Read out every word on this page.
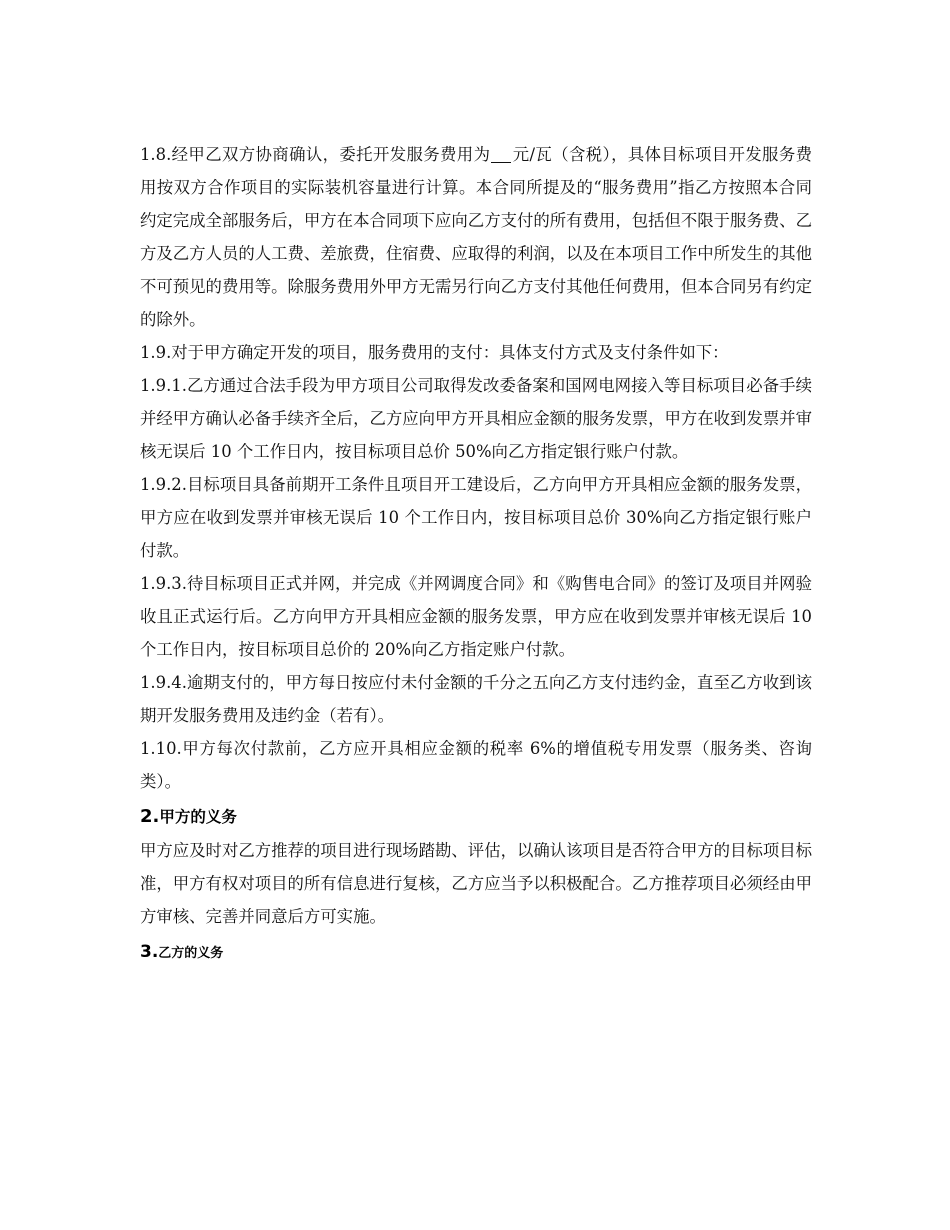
1.8.经甲乙双方协商确认，委托开发服务费用为 元/瓦（含税），具体目标项目开发服务费用按双方合作项目的实际装机容量进行计算。本合同所提及的“服务费用”指乙方按照本合同约定完成全部服务后，甲方在本合同项下应向乙方支付的所有费用，包括但不限于服务费、乙方及乙方人员的人工费、差旅费，住宿费、应取得的利润，以及在本项目工作中所发生的其他不可预见的费用等。除服务费用外甲方无需另行向乙方支付其他任何费用，但本合同另有约定的除外。

1.9.对于甲方确定开发的项目，服务费用的支付：具体支付方式及支付条件如下：

1.9.1.乙方通过合法手段为甲方项目公司取得发改委备案和国网电网接入等目标项目必备手续并经甲方确认必备手续齐全后，乙方应向甲方开具相应金额的服务发票，甲方在收到发票并审核无误后 10 个工作日内，按目标项目总价 50%向乙方指定银行账户付款。

1.9.2.目标项目具备前期开工条件且项目开工建设后，乙方向甲方开具相应金额的服务发票，甲方应在收到发票并审核无误后 10 个工作日内，按目标项目总价 30%向乙方指定银行账户付款。

1.9.3.待目标项目正式并网，并完成《并网调度合同》和《购售电合同》的签订及项目并网验收且正式运行后。乙方向甲方开具相应金额的服务发票，甲方应在收到发票并审核无误后 10 个工作日内，按目标项目总价的 20%向乙方指定账户付款。

1.9.4.逾期支付的，甲方每日按应付未付金额的千分之五向乙方支付违约金，直至乙方收到该期开发服务费用及违约金（若有）。

1.10.甲方每次付款前，乙方应开具相应金额的税率 6%的增值税专用发票（服务类、咨询类）。

2.甲方的义务

甲方应及时对乙方推荐的项目进行现场踏勘、评估，以确认该项目是否符合甲方的目标项目标准，甲方有权对项目的所有信息进行复核，乙方应当予以积极配合。乙方推荐项目必须经由甲方审核、完善并同意后方可实施。

3.乙方的义务
